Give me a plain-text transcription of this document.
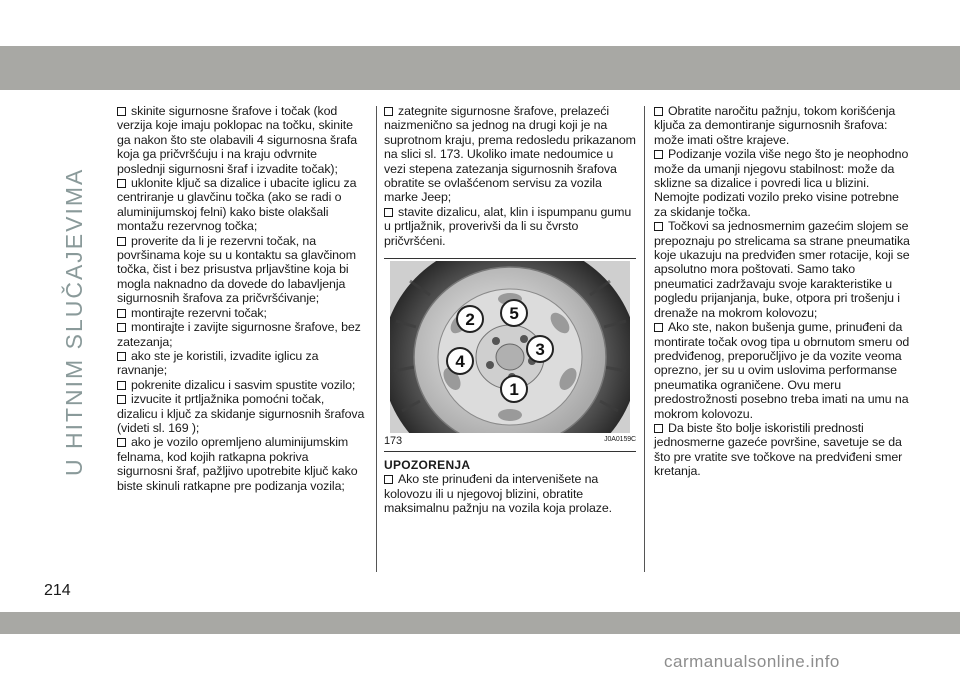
U HITNIM SLUČAJEVIMA
214

skinite sigurnosne šrafove i točak (kod verzija koje imaju poklopac na točku, skinite ga nakon što ste olabavili 4 sigurnosna šrafa koja ga pričvršćuju i na kraju odvrnite poslednji sigurnosni šraf i izvadite točak);

uklonite ključ sa dizalice i ubacite iglicu za centriranje u glavčinu točka (ako se radi o aluminijumskoj felni) kako biste olakšali montažu rezervnog točka;

proverite da li je rezervni točak, na površinama koje su u kontaktu sa glavčinom točka, čist i bez prisustva prljavštine koja bi mogla naknadno da dovede do labavljenja sigurnosnih šrafova za pričvršćivanje;

montirajte rezervni točak;

montirajte i zavijte sigurnosne šrafove, bez zatezanja;

ako ste je koristili, izvadite iglicu za ravnanje;

pokrenite dizalicu i sasvim spustite vozilo;

izvucite it prtljažnika pomoćni točak, dizalicu i ključ za skidanje sigurnosnih šrafova (videti sl. 169 );

ako je vozilo opremljeno aluminijumskim felnama, kod kojih ratkapna pokriva sigurnosni šraf, pažljivo upotrebite ključ kako biste skinuli ratkapne pre podizanja vozila;

zategnite sigurnosne šrafove, prelazeći naizmenično sa jednog na drugi koji je na suprotnom kraju, prema redosledu prikazanom na slici sl. 173. Ukoliko imate nedoumice u vezi stepena zatezanja sigurnosnih šrafova obratite se ovlašćenom servisu za vozila marke Jeep;

stavite dizalicu, alat, klin i ispumpanu gumu u prtljažnik, proverivši da li su čvrsto pričvršćeni.

2 5
3
4
1
173	J0A0159C
UPOZORENJA

Ako ste prinuđeni da intervenišete na kolovozu ili u njegovoj blizini, obratite maksimalnu pažnju na vozila koja prolaze.

Obratite naročitu pažnju, tokom korišćenja ključa za demontiranje sigurnosnih šrafova: može imati oštre krajeve.

Podizanje vozila više nego što je neophodno može da umanji njegovu stabilnost: može da sklizne sa dizalice i povredi lica u blizini. Nemojte podizati vozilo preko visine potrebne za skidanje točka.

Točkovi sa jednosmernim gazećim slojem se prepoznaju po strelicama sa strane pneumatika koje ukazuju na predviđen smer rotacije, koji se apsolutno mora poštovati. Samo tako pneumatici zadržavaju svoje karakteristike u pogledu prijanjanja, buke, otpora pri trošenju i drenaže na mokrom kolovozu;

Ako ste, nakon bušenja gume, prinuđeni da montirate točak ovog tipa u obrnutom smeru od predviđenog, preporučljivo je da vozite veoma oprezno, jer su u ovim uslovima performanse pneumatika ograničene. Ovu meru predostrožnosti posebno treba imati na umu na mokrom kolovozu.

Da biste što bolje iskoristili prednosti jednosmerne gazeće površine, savetuje se da što pre vratite sve točkove na predviđeni smer kretanja.

carmanualsonline.info
